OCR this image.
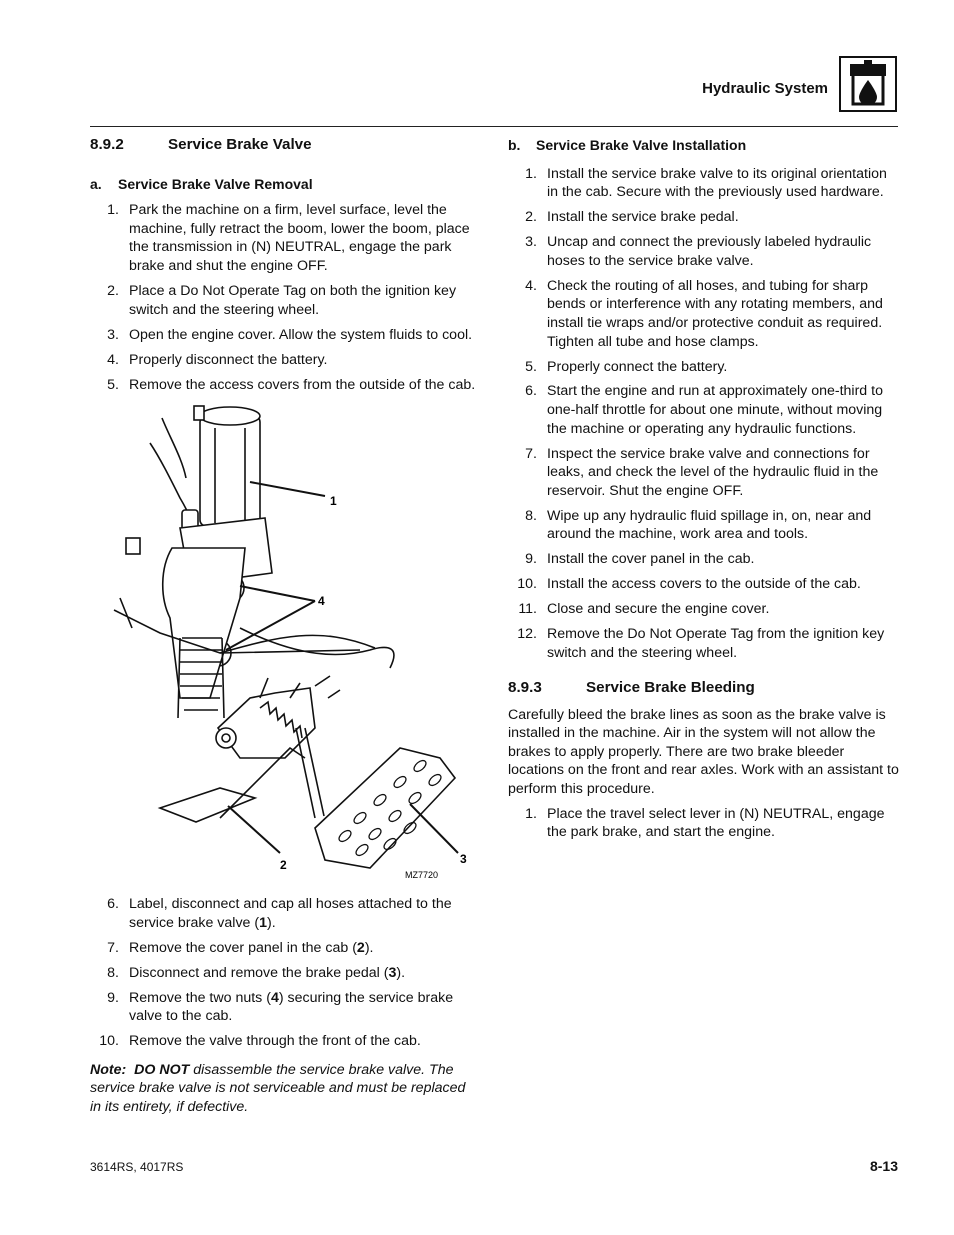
Hydraulic System
8.9.2	Service Brake Valve
a.	Service Brake Valve Removal
1. Park the machine on a firm, level surface, level the machine, fully retract the boom, lower the boom, place the transmission in (N) NEUTRAL, engage the park brake and shut the engine OFF.
2. Place a Do Not Operate Tag on both the ignition key switch and the steering wheel.
3. Open the engine cover. Allow the system fluids to cool.
4. Properly disconnect the battery.
5. Remove the access covers from the outside of the cab.
1
4
2	3
MZ7720
6. Label, disconnect and cap all hoses attached to the service brake valve (1).
7. Remove the cover panel in the cab (2).
8. Disconnect and remove the brake pedal (3).
9. Remove the two nuts (4) securing the service brake valve to the cab.
10. Remove the valve through the front of the cab.

Note: DO NOT disassemble the service brake valve. The service brake valve is not serviceable and must be replaced in its entirety, if defective.

b.	Service Brake Valve Installation
1. Install the service brake valve to its original orientation in the cab. Secure with the previously used hardware.
2. Install the service brake pedal.
3. Uncap and connect the previously labeled hydraulic hoses to the service brake valve.
4. Check the routing of all hoses, and tubing for sharp bends or interference with any rotating members, and install tie wraps and/or protective conduit as required. Tighten all tube and hose clamps.
5. Properly connect the battery.
6. Start the engine and run at approximately one-third to one-half throttle for about one minute, without moving the machine or operating any hydraulic functions.
7. Inspect the service brake valve and connections for leaks, and check the level of the hydraulic fluid in the reservoir. Shut the engine OFF.
8. Wipe up any hydraulic fluid spillage in, on, near and around the machine, work area and tools.
9. Install the cover panel in the cab.
10. Install the access covers to the outside of the cab.
11. Close and secure the engine cover.
12. Remove the Do Not Operate Tag from the ignition key switch and the steering wheel.
8.9.3	Service Brake Bleeding

Carefully bleed the brake lines as soon as the brake valve is installed in the machine. Air in the system will not allow the brakes to apply properly. There are two brake bleeder locations on the front and rear axles. Work with an assistant to perform this procedure.

1. Place the travel select lever in (N) NEUTRAL, engage the park brake, and start the engine.
3614RS, 4017RS	8-13
